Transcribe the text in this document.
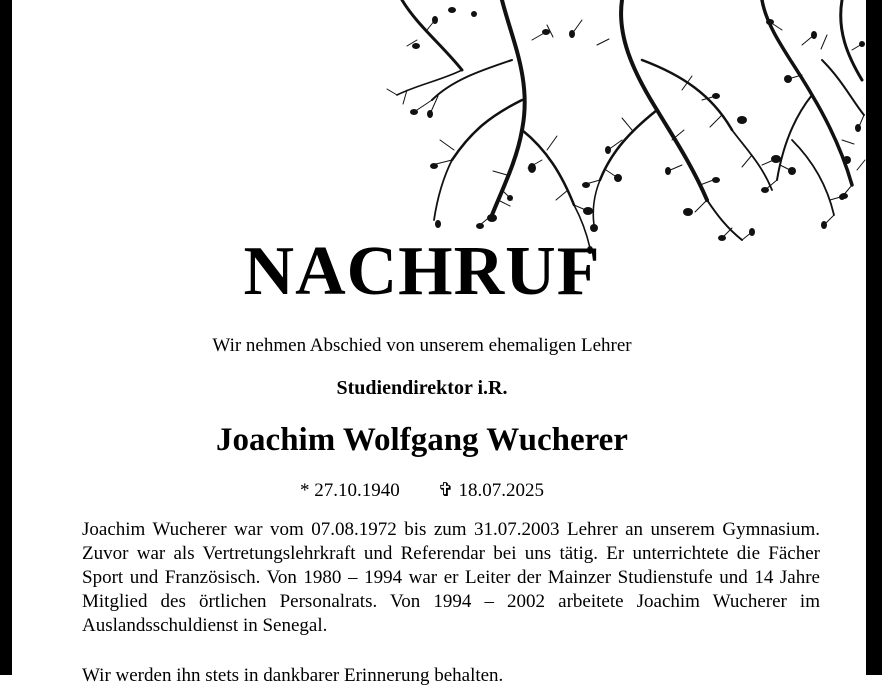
NACHRUF
Wir nehmen Abschied von unserem ehemaligen Lehrer
Studiendirektor i.R.
Joachim Wolfgang Wucherer
* 27.10.1940 ✞ 18.07.2025
Joachim Wucherer war vom 07.08.1972 bis zum 31.07.2003 Lehrer an unserem Gymnasium. Zuvor war als Vertretungslehrkraft und Referendar bei uns tätig. Er unterrichtete die Fächer Sport und Französisch. Von 1980 – 1994 war er Leiter der Mainzer Studienstufe und 14 Jahre Mitglied des örtlichen Personalrats. Von 1994 – 2002 arbeitete Joachim Wucherer im Auslandsschuldienst in Senegal.
Wir werden ihn stets in dankbarer Erinnerung behalten.
